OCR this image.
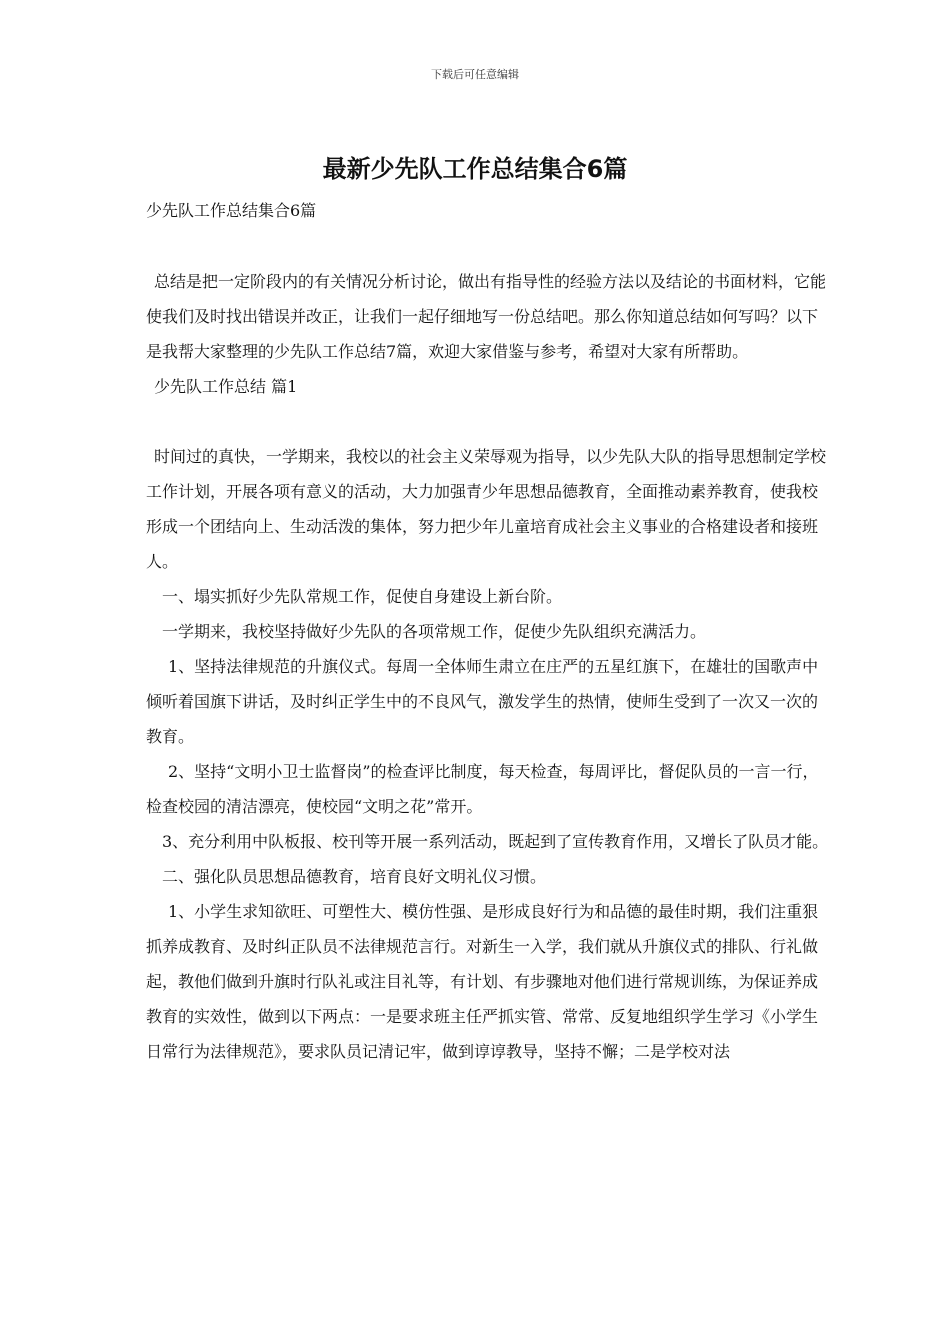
下载后可任意编辑
最新少先队工作总结集合6篇
少先队工作总结集合6篇

总结是把一定阶段内的有关情况分析讨论，做出有指导性的经验方法以及结论的书面材料，它能使我们及时找出错误并改正，让我们一起仔细地写一份总结吧。那么你知道总结如何写吗？以下是我帮大家整理的少先队工作总结7篇，欢迎大家借鉴与参考，希望对大家有所帮助。

少先队工作总结 篇1

时间过的真快，一学期来，我校以的社会主义荣辱观为指导，以少先队大队的指导思想制定学校工作计划，开展各项有意义的活动，大力加强青少年思想品德教育，全面推动素养教育，使我校形成一个团结向上、生动活泼的集体，努力把少年儿童培育成社会主义事业的合格建设者和接班人。

一、塌实抓好少先队常规工作，促使自身建设上新台阶。

一学期来，我校坚持做好少先队的各项常规工作，促使少先队组织充满活力。

1、坚持法律规范的升旗仪式。每周一全体师生肃立在庄严的五星红旗下，在雄壮的国歌声中倾听着国旗下讲话，及时纠正学生中的不良风气，激发学生的热情，使师生受到了一次又一次的教育。

2、坚持“文明小卫士监督岗”的检查评比制度，每天检查，每周评比，督促队员的一言一行，检查校园的清洁漂亮，使校园“文明之花”常开。

3、充分利用中队板报、校刊等开展一系列活动，既起到了宣传教育作用，又增长了队员才能。

二、强化队员思想品德教育，培育良好文明礼仪习惯。

1、小学生求知欲旺、可塑性大、模仿性强、是形成良好行为和品德的最佳时期，我们注重狠抓养成教育、及时纠正队员不法律规范言行。对新生一入学，我们就从升旗仪式的排队、行礼做起，教他们做到升旗时行队礼或注目礼等，有计划、有步骤地对他们进行常规训练，为保证养成教育的实效性，做到以下两点：一是要求班主任严抓实管、常常、反复地组织学生学习《小学生日常行为法律规范》，要求队员记清记牢，做到谆谆教导，坚持不懈；二是学校对法
